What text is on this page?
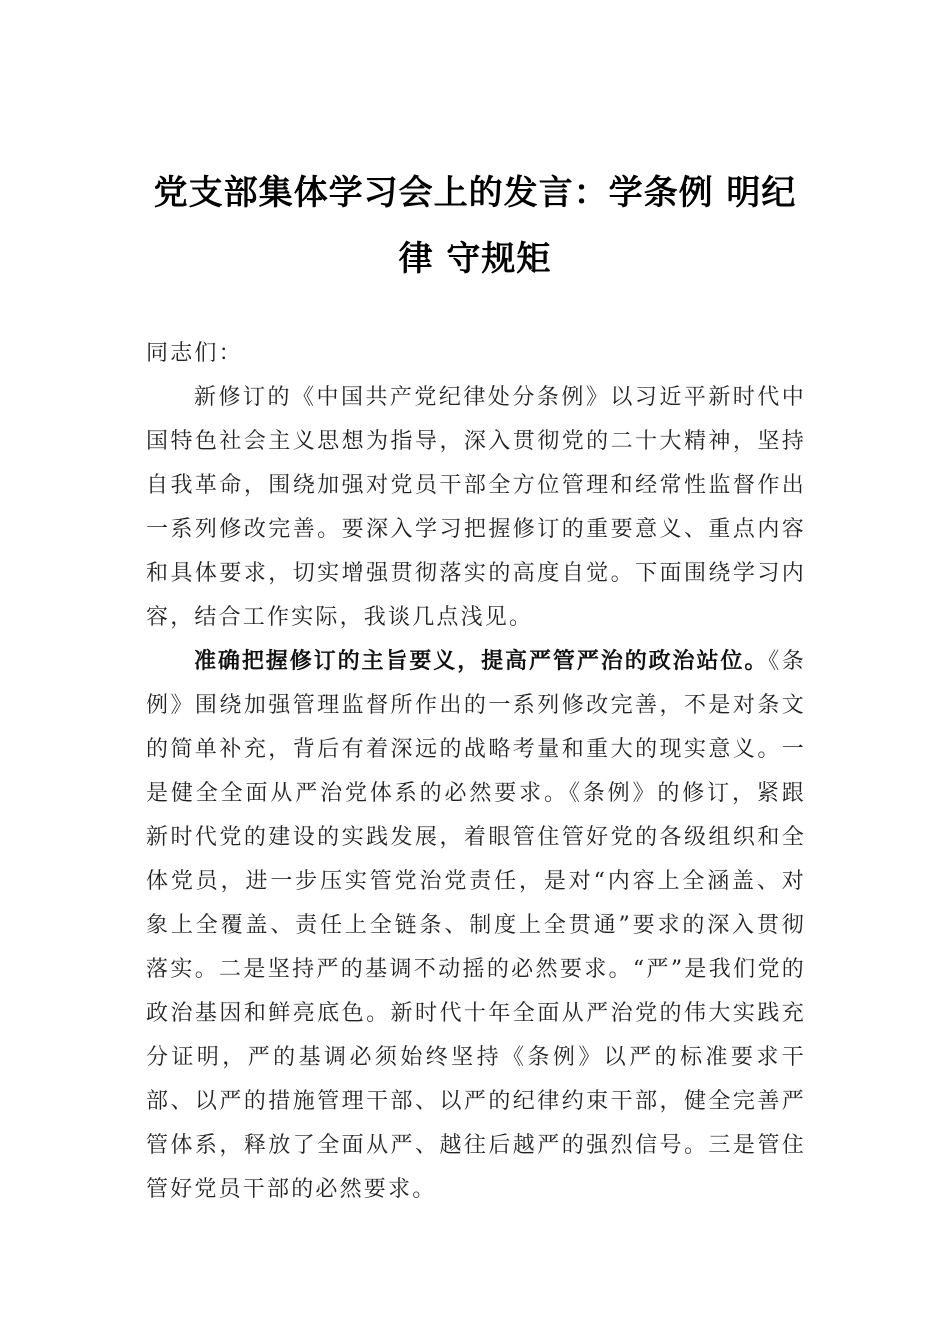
党支部集体学习会上的发言：学条例 明纪律 守规矩

同志们：

新修订的《中国共产党纪律处分条例》以习近平新时代中国特色社会主义思想为指导，深入贯彻党的二十大精神，坚持自我革命，围绕加强对党员干部全方位管理和经常性监督作出一系列修改完善。要深入学习把握修订的重要意义、重点内容和具体要求，切实增强贯彻落实的高度自觉。下面围绕学习内容，结合工作实际，我谈几点浅见。

准确把握修订的主旨要义，提高严管严治的政治站位。《条例》围绕加强管理监督所作出的一系列修改完善，不是对条文的简单补充，背后有着深远的战略考量和重大的现实意义。一是健全全面从严治党体系的必然要求。《条例》的修订，紧跟新时代党的建设的实践发展，着眼管住管好党的各级组织和全体党员，进一步压实管党治党责任，是对“内容上全涵盖、对象上全覆盖、责任上全链条、制度上全贯通”要求的深入贯彻落实。二是坚持严的基调不动摇的必然要求。“严”是我们党的政治基因和鲜亮底色。新时代十年全面从严治党的伟大实践充分证明，严的基调必须始终坚持《条例》以严的标准要求干部、以严的措施管理干部、以严的纪律约束干部，健全完善严管体系，释放了全面从严、越往后越严的强烈信号。三是管住管好党员干部的必然要求。
